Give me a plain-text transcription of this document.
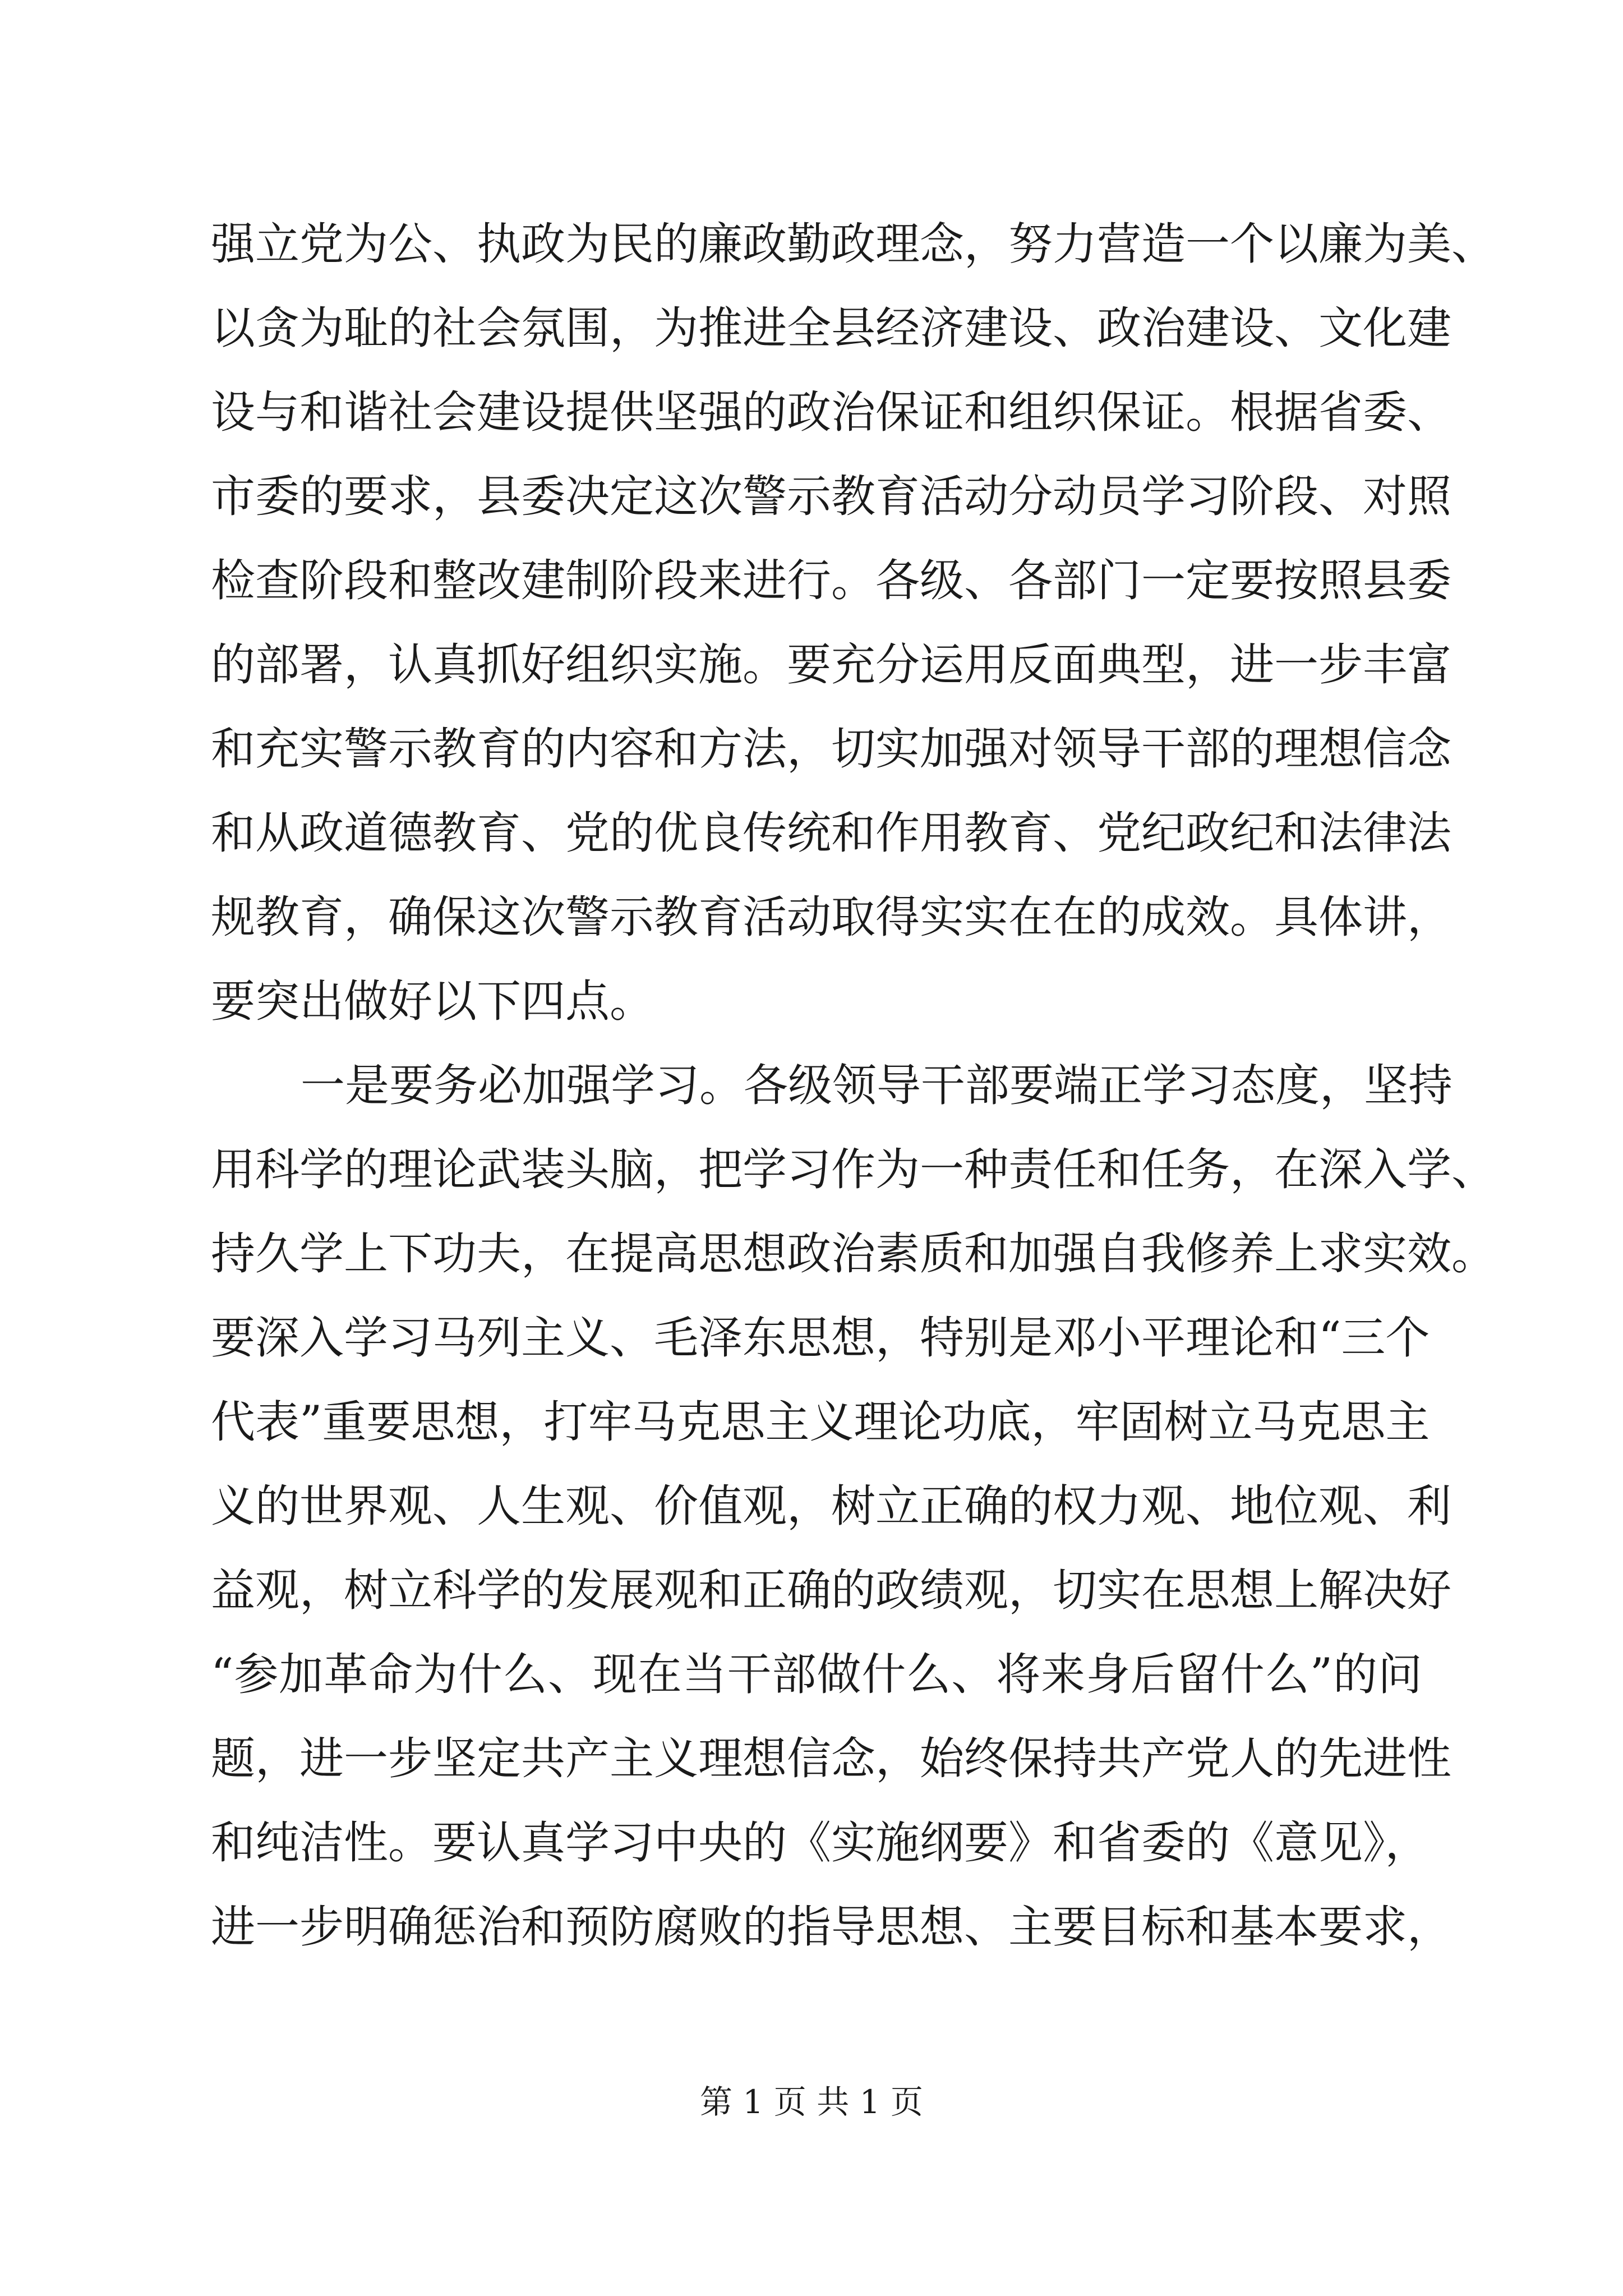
强立党为公、执政为民的廉政勤政理念，努力营造一个以廉为美、
以贪为耻的社会氛围，为推进全县经济建设、政治建设、文化建
设与和谐社会建设提供坚强的政治保证和组织保证。根据省委、
市委的要求，县委决定这次警示教育活动分动员学习阶段、对照
检查阶段和整改建制阶段来进行。各级、各部门一定要按照县委
的部署，认真抓好组织实施。要充分运用反面典型，进一步丰富
和充实警示教育的内容和方法，切实加强对领导干部的理想信念
和从政道德教育、党的优良传统和作用教育、党纪政纪和法律法
规教育，确保这次警示教育活动取得实实在在的成效。具体讲，
要突出做好以下四点。
一是要务必加强学习。各级领导干部要端正学习态度，坚持
用科学的理论武装头脑，把学习作为一种责任和任务，在深入学、
持久学上下功夫，在提高思想政治素质和加强自我修养上求实效。
要深入学习马列主义、毛泽东思想，特别是邓小平理论和“三个
代表”重要思想，打牢马克思主义理论功底，牢固树立马克思主
义的世界观、人生观、价值观，树立正确的权力观、地位观、利
益观，树立科学的发展观和正确的政绩观，切实在思想上解决好
“参加革命为什么、现在当干部做什么、将来身后留什么”的问
题，进一步坚定共产主义理想信念，始终保持共产党人的先进性
和纯洁性。要认真学习中央的《实施纲要》和省委的《意见》，
进一步明确惩治和预防腐败的指导思想、主要目标和基本要求，
第 1 页 共 1 页
